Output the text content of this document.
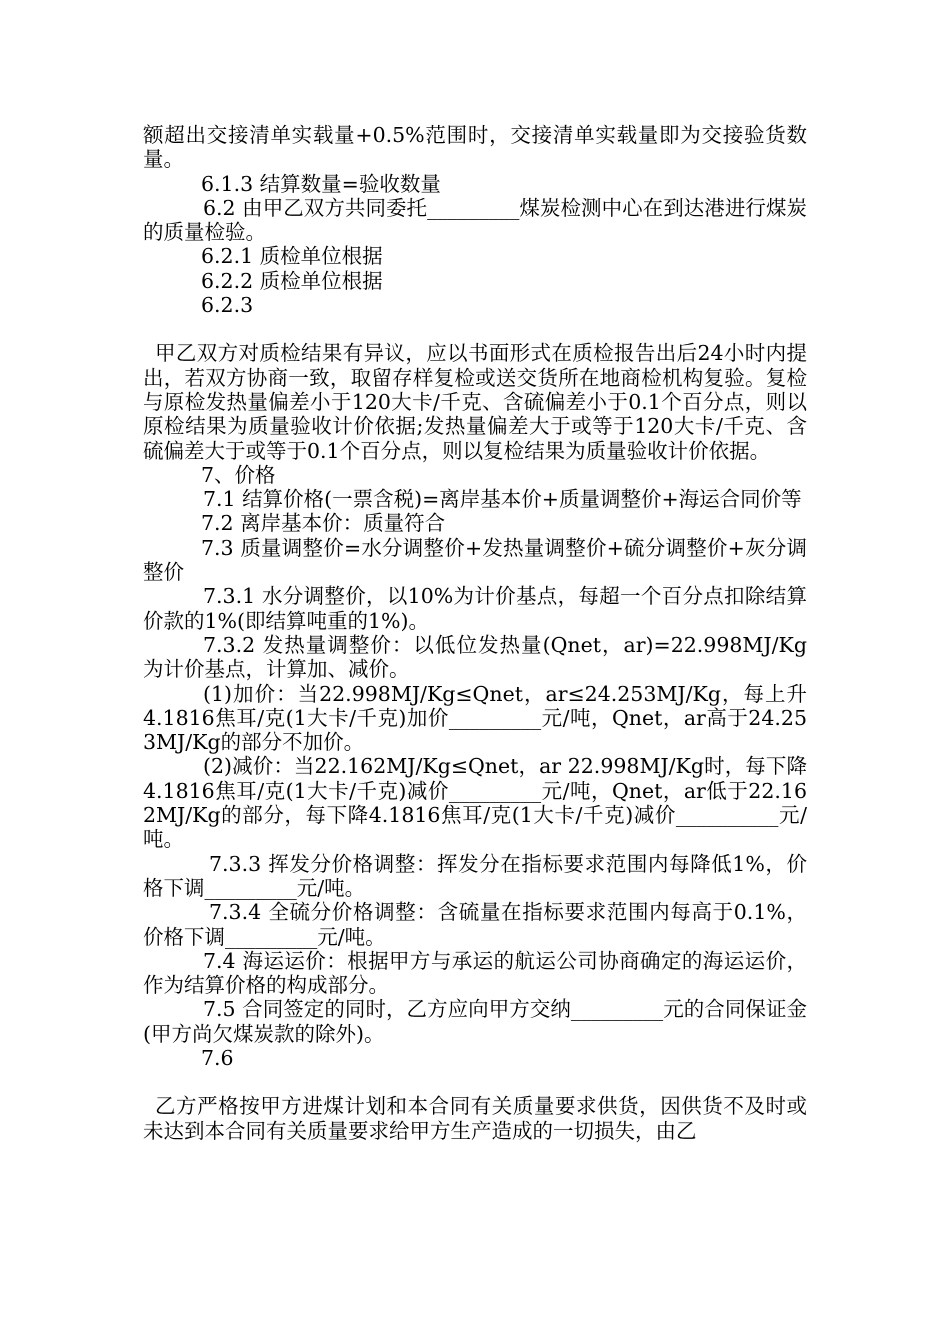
额超出交接清单实载量+0.5%范围时，交接清单实载量即为交接验货数量。

6.1.3 结算数量=验收数量

6.2 由甲乙双方共同委托_________煤炭检测中心在到达港进行煤炭的质量检验。

6.2.1 质检单位根据

6.2.2 质检单位根据

6.2.3

甲乙双方对质检结果有异议，应以书面形式在质检报告出后24小时内提出，若双方协商一致，取留存样复检或送交货所在地商检机构复验。复检与原检发热量偏差小于120大卡/千克、含硫偏差小于0.1个百分点，则以原检结果为质量验收计价依据;发热量偏差大于或等于120大卡/千克、含硫偏差大于或等于0.1个百分点，则以复检结果为质量验收计价依据。

7、价格

7.1 结算价格(一票含税)=离岸基本价+质量调整价+海运合同价等

7.2 离岸基本价：质量符合

7.3 质量调整价=水分调整价+发热量调整价+硫分调整价+灰分调整价

7.3.1 水分调整价，以10%为计价基点，每超一个百分点扣除结算价款的1%(即结算吨重的1%)。

7.3.2 发热量调整价：以低位发热量(Qnet，ar)=22.998MJ/Kg为计价基点，计算加、减价。

(1)加价：当22.998MJ/Kg≤Qnet，ar≤24.253MJ/Kg，每上升4.1816焦耳/克(1大卡/千克)加价_________元/吨，Qnet，ar高于24.253MJ/Kg的部分不加价。

(2)减价：当22.162MJ/Kg≤Qnet，ar 22.998MJ/Kg时，每下降4.1816焦耳/克(1大卡/千克)减价_________元/吨，Qnet，ar低于22.162MJ/Kg的部分，每下降4.1816焦耳/克(1大卡/千克)减价__________元/吨。

7.3.3 挥发分价格调整：挥发分在指标要求范围内每降低1%，价格下调_________元/吨。

7.3.4 全硫分价格调整：含硫量在指标要求范围内每高于0.1%，价格下调_________元/吨。

7.4 海运运价：根据甲方与承运的航运公司协商确定的海运运价，作为结算价格的构成部分。

7.5 合同签定的同时，乙方应向甲方交纳_________元的合同保证金(甲方尚欠煤炭款的除外)。

7.6

乙方严格按甲方进煤计划和本合同有关质量要求供货，因供货不及时或未达到本合同有关质量要求给甲方生产造成的一切损失，由乙
